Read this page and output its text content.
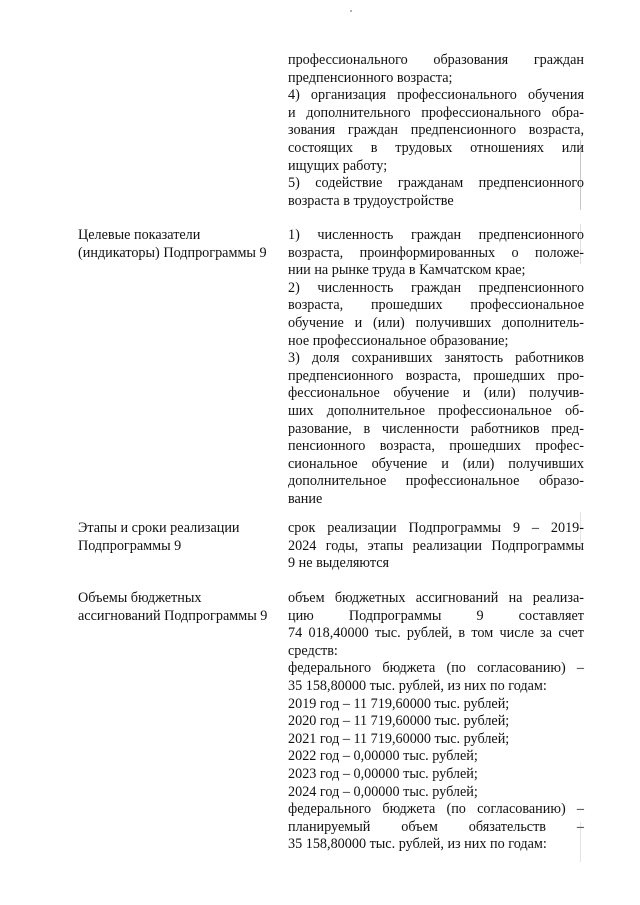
профессионального образования граждан
предпенсионного возраста;
4) организация профессионального обучения
и дополнительного профессионального обра-
зования граждан предпенсионного возраста,
состоящих в трудовых отношениях или
ищущих работу;
5) содействие гражданам предпенсионного
возраста в трудоустройстве
Целевые показатели (индикаторы) Подпрограммы 9
1) численность граждан предпенсионного
возраста, проинформированных о положе-
нии на рынке труда в Камчатском крае;
2) численность граждан предпенсионного
возраста, прошедших профессиональное
обучение и (или) получивших дополнитель-
ное профессиональное образование;
3) доля сохранивших занятость работников
предпенсионного возраста, прошедших про-
фессиональное обучение и (или) получив-
ших дополнительное профессиональное об-
разование, в численности работников пред-
пенсионного возраста, прошедших профес-
сиональное обучение и (или) получивших
дополнительное профессиональное образо-
вание
Этапы и сроки реализации Подпрограммы 9
срок реализации Подпрограммы 9 – 2019-
2024 годы, этапы реализации Подпрограммы
9 не выделяются
Объемы бюджетных ассигнований Подпрограммы 9
объем бюджетных ассигнований на реализа-
цию Подпрограммы 9 составляет
74 018,40000 тыс. рублей, в том числе за счет
средств:
федерального бюджета (по согласованию) –
35 158,80000 тыс. рублей, из них по годам:
2019 год – 11 719,60000 тыс. рублей;
2020 год – 11 719,60000 тыс. рублей;
2021 год – 11 719,60000 тыс. рублей;
2022 год – 0,00000 тыс. рублей;
2023 год – 0,00000 тыс. рублей;
2024 год – 0,00000 тыс. рублей;
федерального бюджета (по согласованию) –
планируемый объем обязательств –
35 158,80000 тыс. рублей, из них по годам:
